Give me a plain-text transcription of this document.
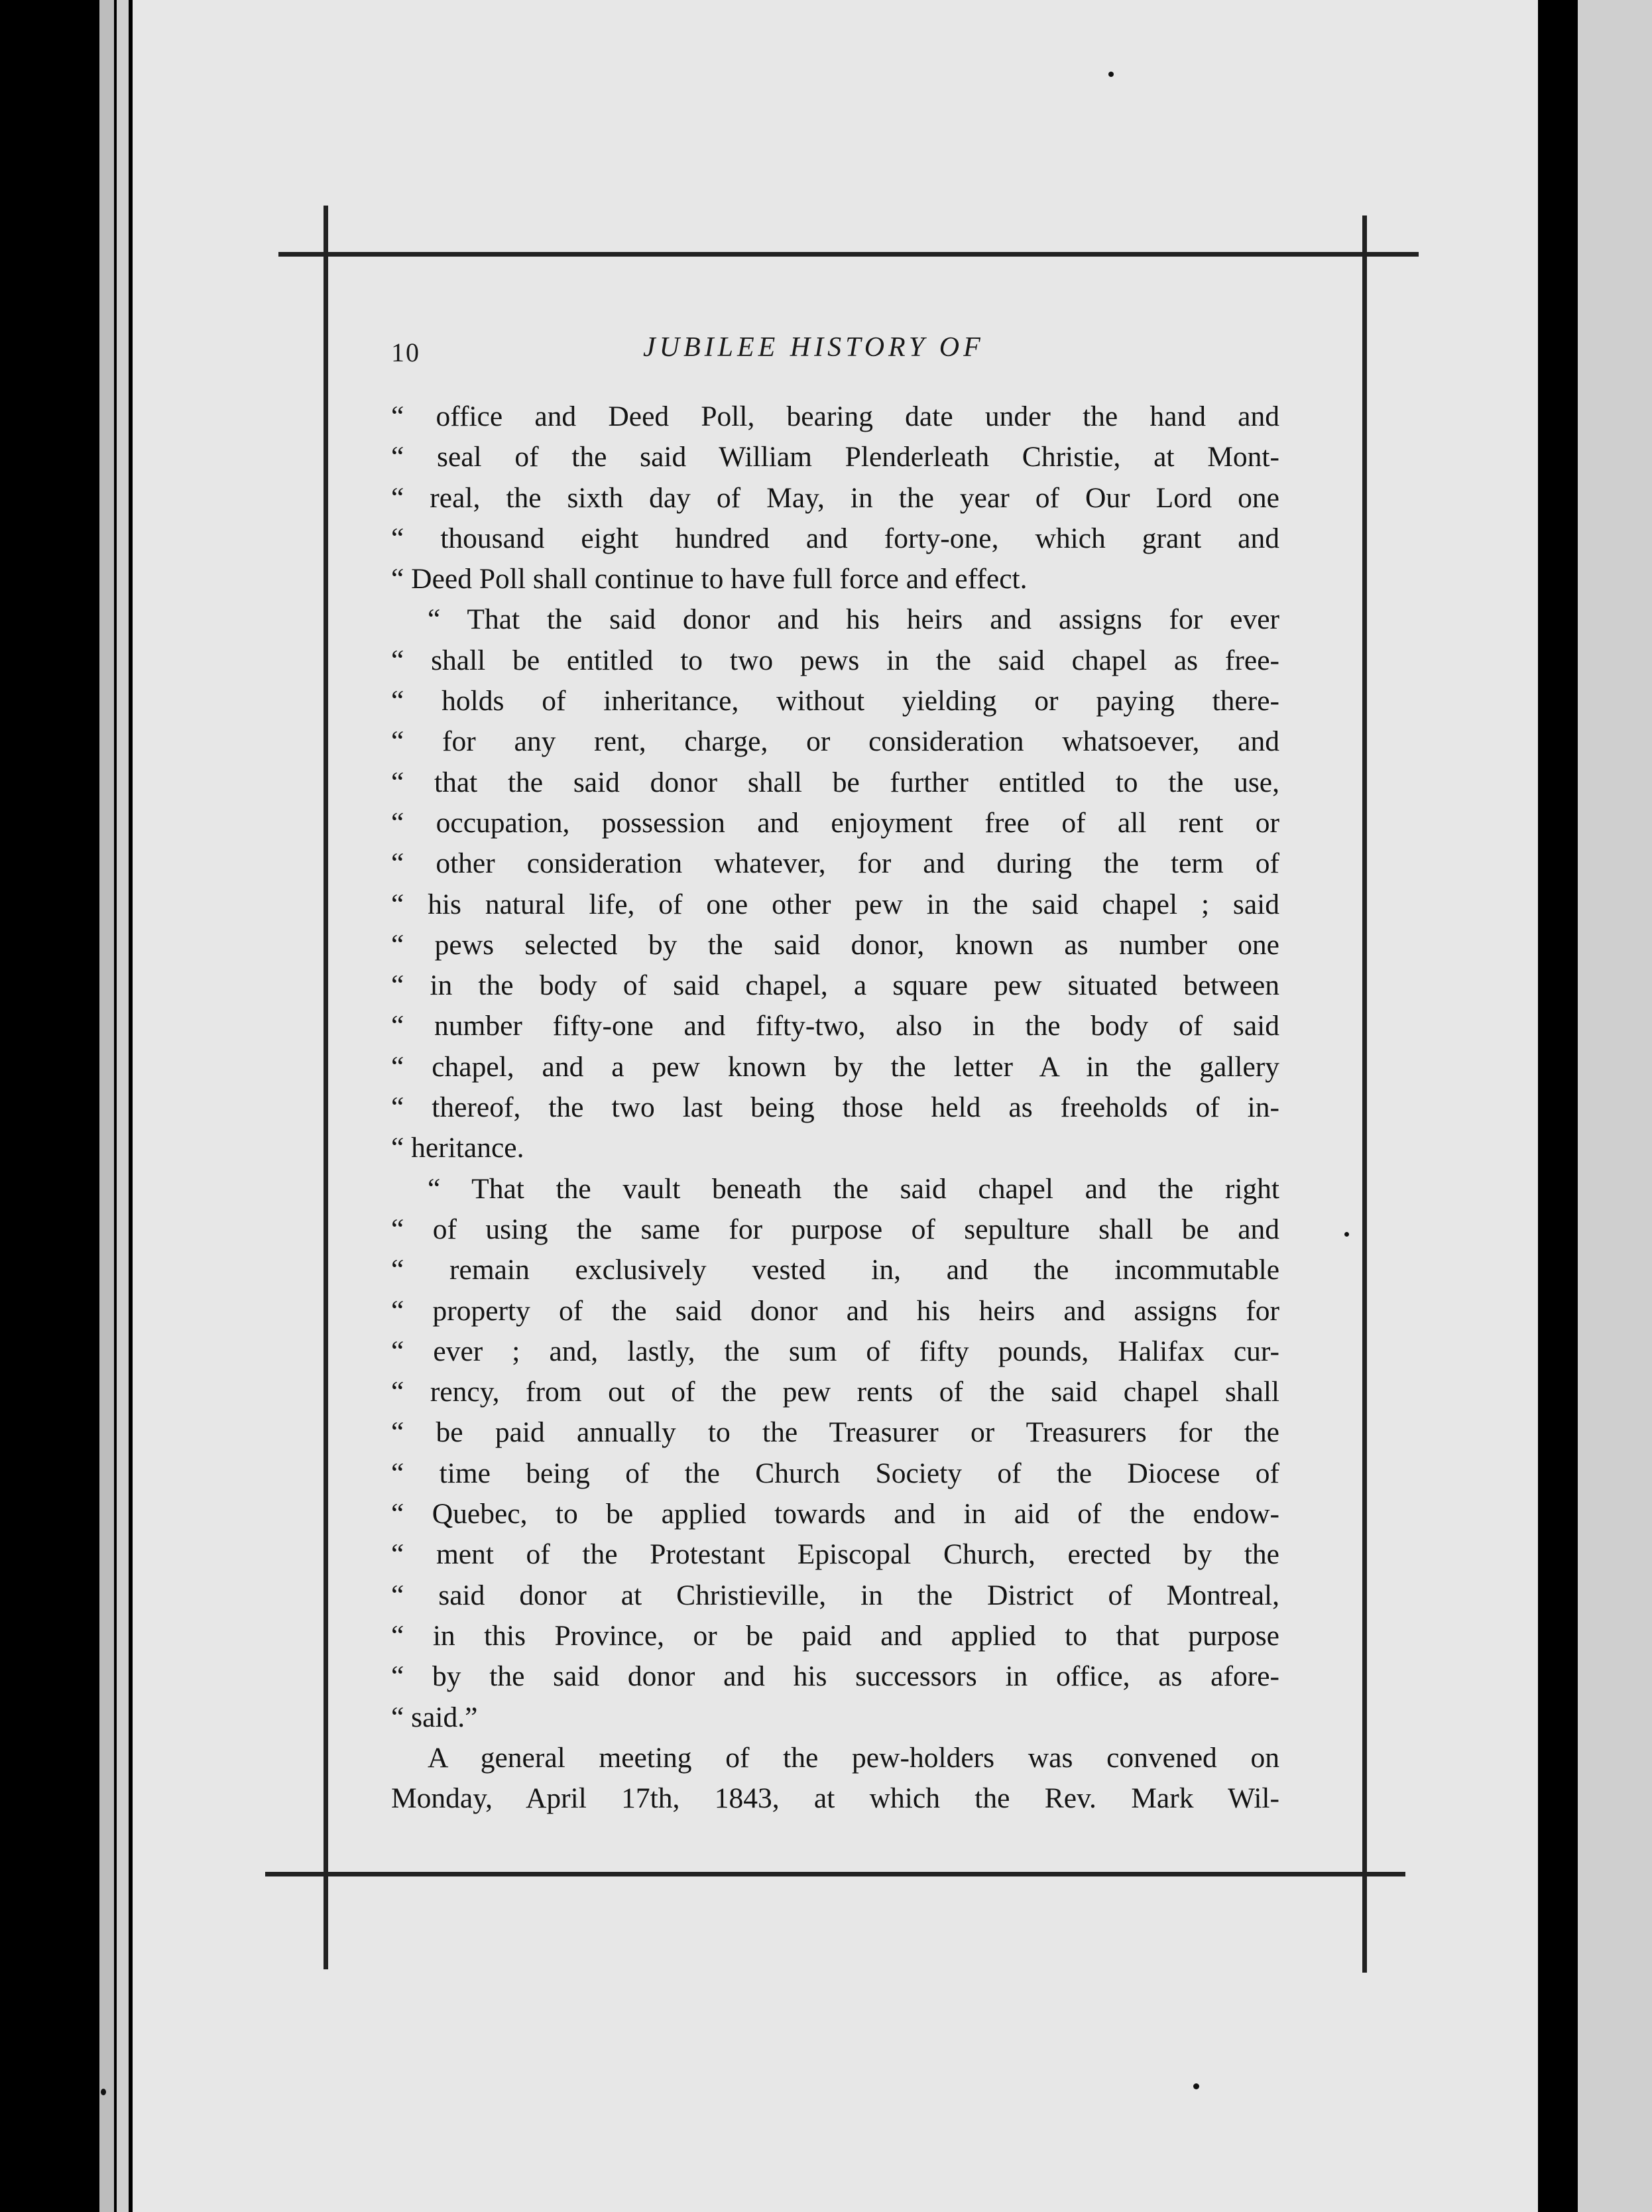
10	JUBILEE HISTORY OF
“ office and Deed Poll, bearing date under the hand and
“ seal of the said William Plenderleath Christie, at Mont-
“ real, the sixth day of May, in the year of Our Lord one
“ thousand eight hundred and forty-one, which grant and
“ Deed Poll shall continue to have full force and effect.
“ That the said donor and his heirs and assigns for ever
“ shall be entitled to two pews in the said chapel as free-
“ holds of inheritance, without yielding or paying there-
“ for any rent, charge, or consideration whatsoever, and
“ that the said donor shall be further entitled to the use,
“ occupation, possession and enjoyment free of all rent or
“ other consideration whatever, for and during the term of
“ his natural life, of one other pew in the said chapel ; said
“ pews selected by the said donor, known as number one
“ in the body of said chapel, a square pew situated between
“ number fifty-one and fifty-two, also in the body of said
“ chapel, and a pew known by the letter A in the gallery
“ thereof, the two last being those held as freeholds of in-
“ heritance.
“ That the vault beneath the said chapel and the right
“ of using the same for purpose of sepulture shall be and
“ remain exclusively vested in, and the incommutable
“ property of the said donor and his heirs and assigns for
“ ever ; and, lastly, the sum of fifty pounds, Halifax cur-
“ rency, from out of the pew rents of the said chapel shall
“ be paid annually to the Treasurer or Treasurers for the
“ time being of the Church Society of the Diocese of
“ Quebec, to be applied towards and in aid of the endow-
“ ment of the Protestant Episcopal Church, erected by the
“ said donor at Christieville, in the District of Montreal,
“ in this Province, or be paid and applied to that purpose
“ by the said donor and his successors in office, as afore-
“ said.”
A general meeting of the pew-holders was convened on
Monday, April 17th, 1843, at which the Rev. Mark Wil-
